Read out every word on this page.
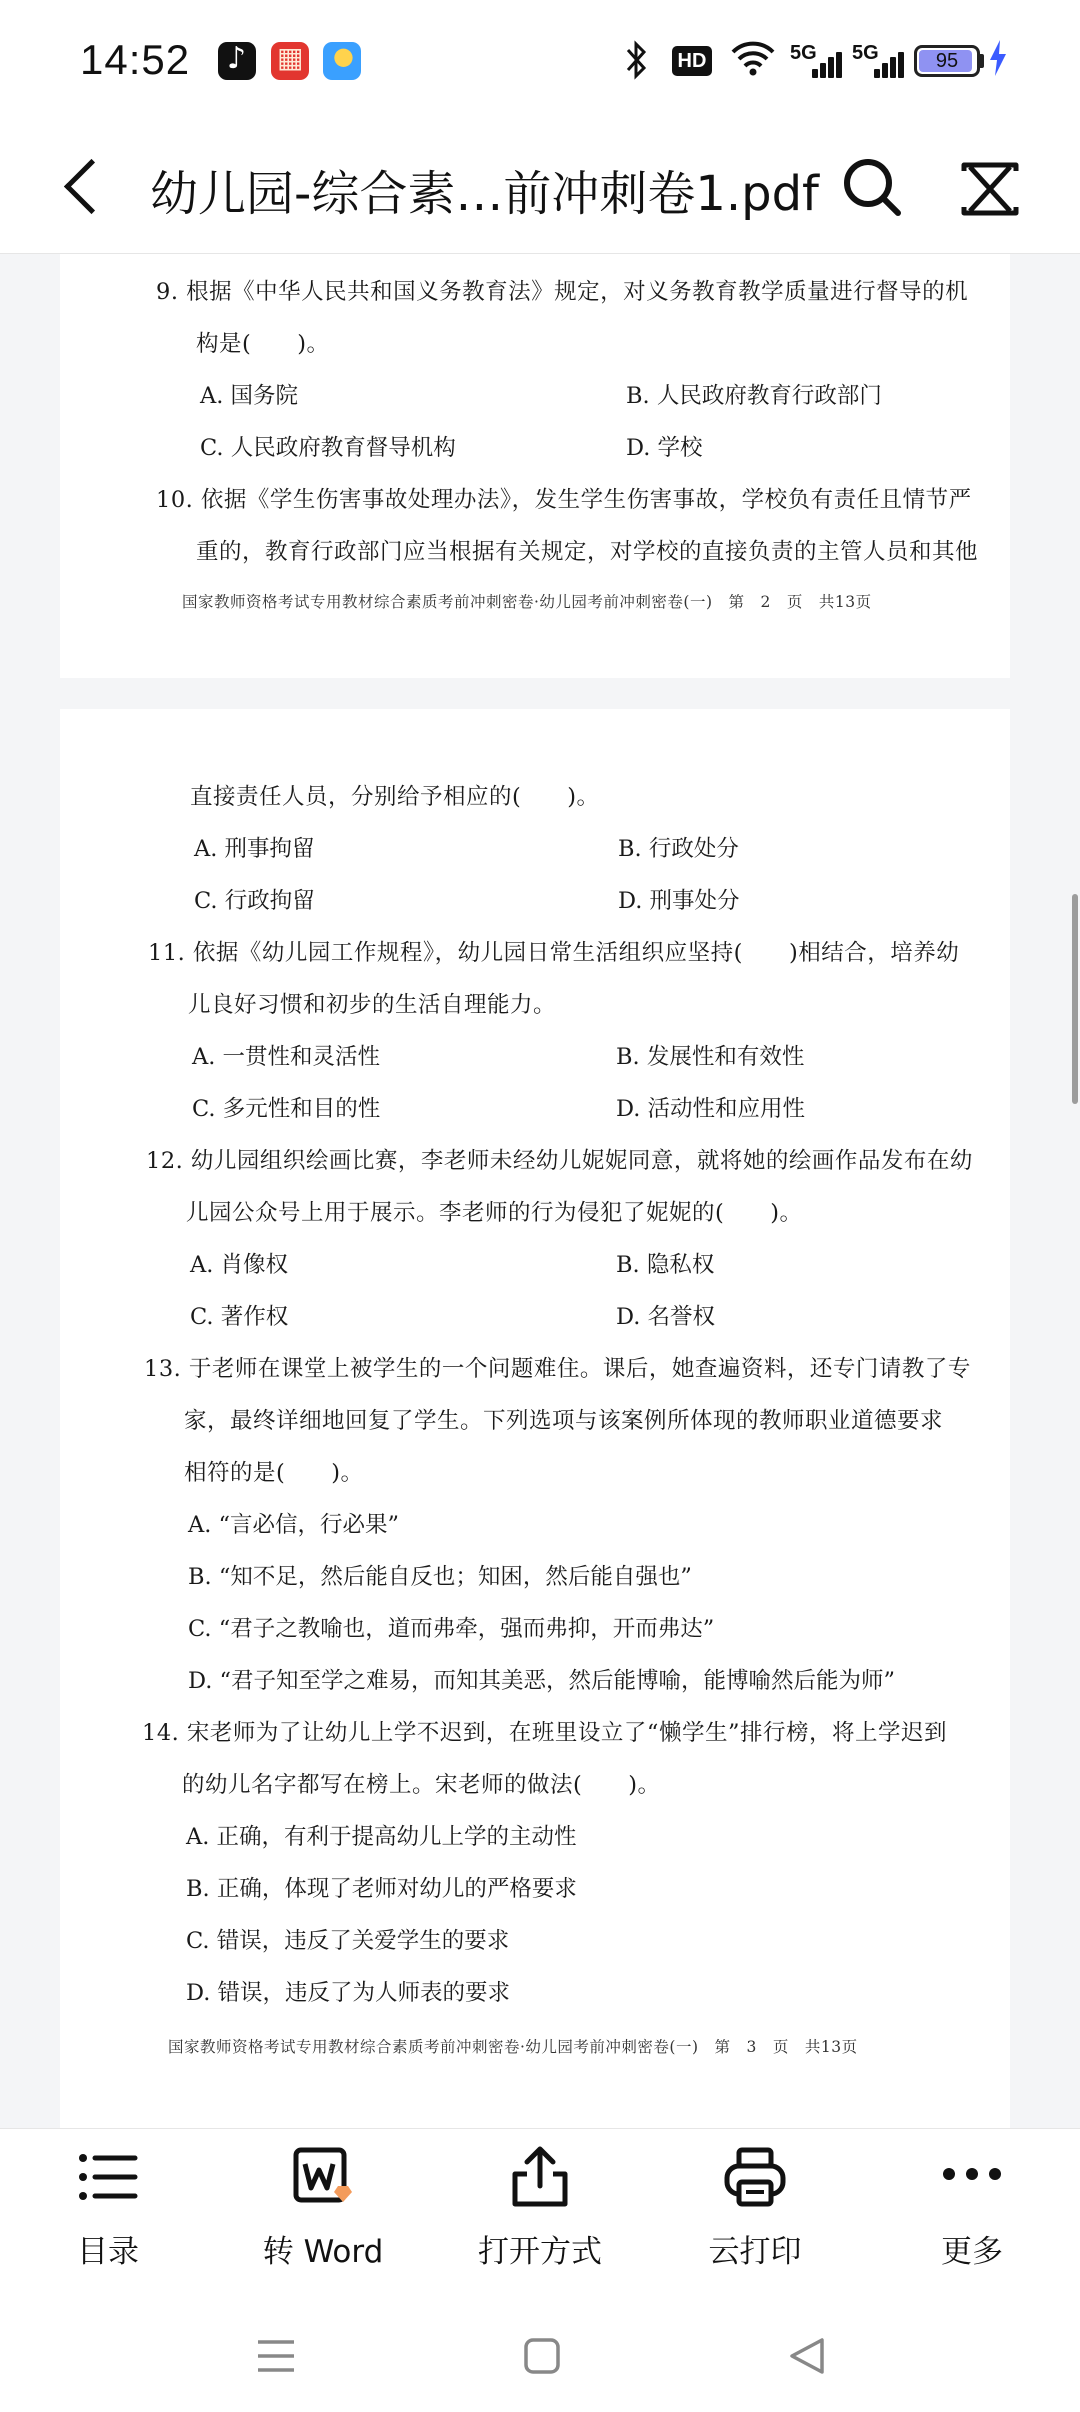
14:52 ♪ ▦ ●	HD	5G 5G	95
幼儿园-综合素…前冲刺卷1.pdf
9. 根据《中华人民共和国义务教育法》规定，对义务教育教学质量进行督导的机
构是(　　)。
A. 国务院	B. 人民政府教育行政部门
C. 人民政府教育督导机构	D. 学校
10. 依据《学生伤害事故处理办法》，发生学生伤害事故，学校负有责任且情节严
重的，教育行政部门应当根据有关规定，对学校的直接负责的主管人员和其他
国家教师资格考试专用教材综合素质考前冲刺密卷·幼儿园考前冲刺密卷(一)　第　2　页　共13页
直接责任人员，分别给予相应的(　　)。
A. 刑事拘留	B. 行政处分
C. 行政拘留	D. 刑事处分
11. 依据《幼儿园工作规程》，幼儿园日常生活组织应坚持(　　)相结合，培养幼
儿良好习惯和初步的生活自理能力。
A. 一贯性和灵活性	B. 发展性和有效性
C. 多元性和目的性	D. 活动性和应用性
12. 幼儿园组织绘画比赛，李老师未经幼儿妮妮同意，就将她的绘画作品发布在幼
儿园公众号上用于展示。李老师的行为侵犯了妮妮的(　　)。
A. 肖像权	B. 隐私权
C. 著作权	D. 名誉权
13. 于老师在课堂上被学生的一个问题难住。课后，她查遍资料，还专门请教了专
家，最终详细地回复了学生。下列选项与该案例所体现的教师职业道德要求
相符的是(　　)。
A. “言必信，行必果”
B. “知不足，然后能自反也；知困，然后能自强也”
C. “君子之教喻也，道而弗牵，强而弗抑，开而弗达”
D. “君子知至学之难易，而知其美恶，然后能博喻，能博喻然后能为师”
14. 宋老师为了让幼儿上学不迟到，在班里设立了“懒学生”排行榜，将上学迟到
的幼儿名字都写在榜上。宋老师的做法(　　)。
A. 正确，有利于提高幼儿上学的主动性
B. 正确，体现了老师对幼儿的严格要求
C. 错误，违反了关爱学生的要求
D. 错误，违反了为人师表的要求
国家教师资格考试专用教材综合素质考前冲刺密卷·幼儿园考前冲刺密卷(一)　第　3　页　共13页
目录	转 Word	打开方式	云打印	更多
